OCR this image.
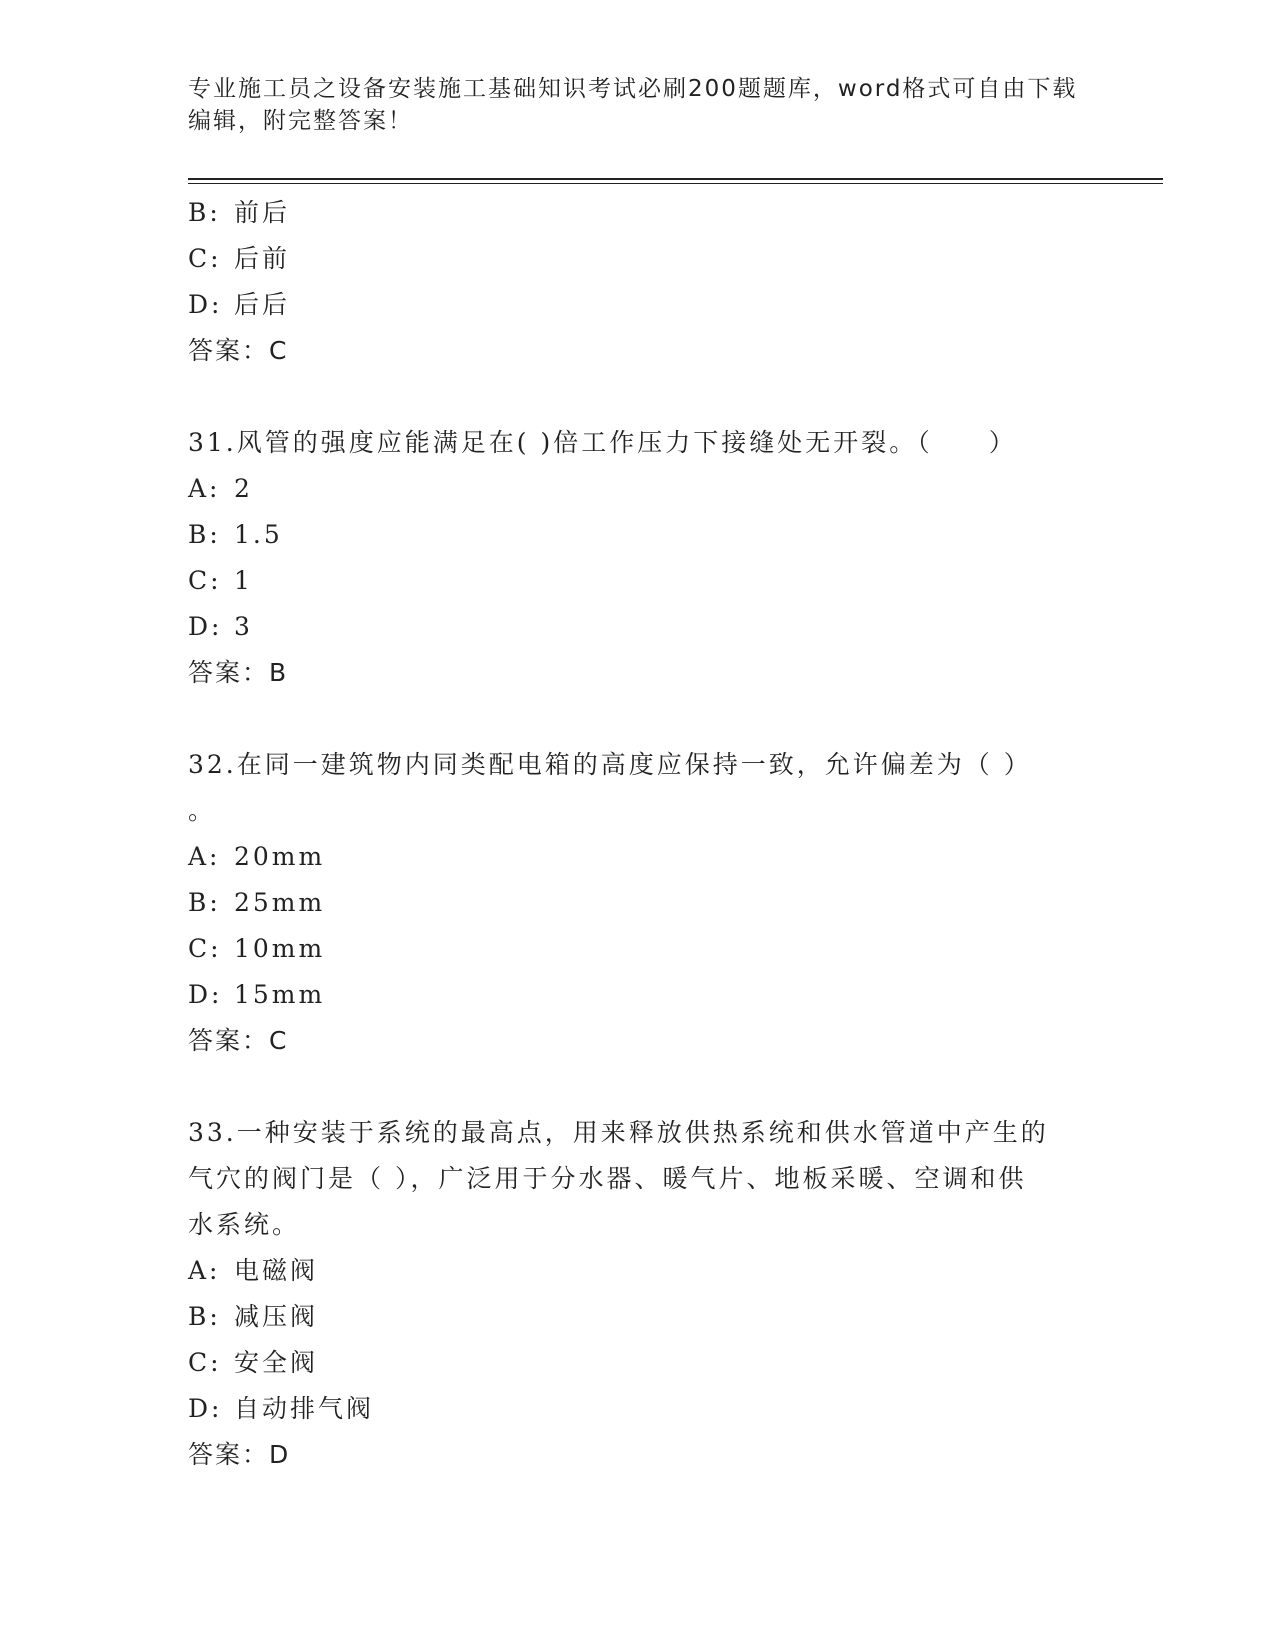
专业施工员之设备安装施工基础知识考试必刷200题题库，word格式可自由下载
编辑，附完整答案！
B: 前后
C: 后前
D: 后后
答案：C
31.风管的强度应能满足在( )倍工作压力下接缝处无开裂。（　　）
A: 2
B: 1.5
C: 1
D: 3
答案：B
32.在同一建筑物内同类配电箱的高度应保持一致，允许偏差为（ ）
。
A: 20mm
B: 25mm
C: 10mm
D: 15mm
答案：C
33.一种安装于系统的最高点，用来释放供热系统和供水管道中产生的
气穴的阀门是（ ），广泛用于分水器、暖气片、地板采暖、空调和供
水系统。
A: 电磁阀
B: 减压阀
C: 安全阀
D: 自动排气阀
答案：D
